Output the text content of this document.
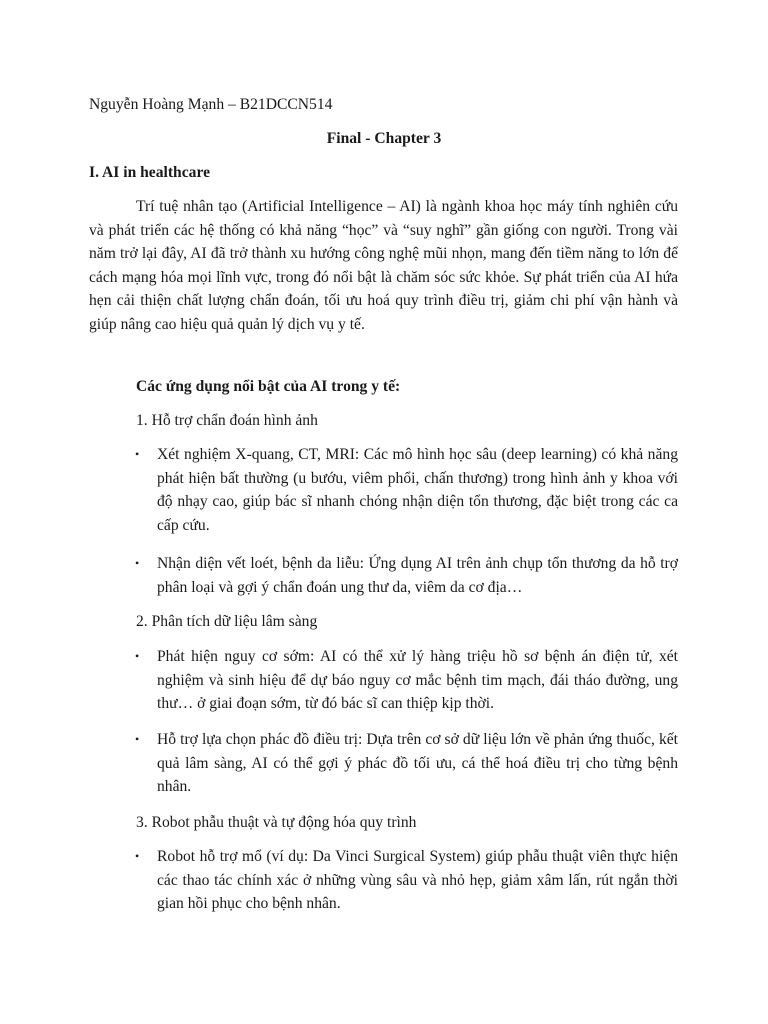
Nguyễn Hoàng Mạnh – B21DCCN514

Final - Chapter 3
I. AI in healthcare

Trí tuệ nhân tạo (Artificial Intelligence – AI) là ngành khoa học máy tính nghiên cứu và phát triển các hệ thống có khả năng “học” và “suy nghĩ” gần giống con người. Trong vài năm trở lại đây, AI đã trở thành xu hướng công nghệ mũi nhọn, mang đến tiềm năng to lớn để cách mạng hóa mọi lĩnh vực, trong đó nổi bật là chăm sóc sức khỏe. Sự phát triển của AI hứa hẹn cải thiện chất lượng chẩn đoán, tối ưu hoá quy trình điều trị, giảm chi phí vận hành và giúp nâng cao hiệu quả quản lý dịch vụ y tế.

Các ứng dụng nổi bật của AI trong y tế:

1. Hỗ trợ chẩn đoán hình ảnh

• Xét nghiệm X-quang, CT, MRI: Các mô hình học sâu (deep learning) có khả năng phát hiện bất thường (u bướu, viêm phổi, chấn thương) trong hình ảnh y khoa với độ nhạy cao, giúp bác sĩ nhanh chóng nhận diện tổn thương, đặc biệt trong các ca cấp cứu.
• Nhận diện vết loét, bệnh da liễu: Ứng dụng AI trên ảnh chụp tổn thương da hỗ trợ phân loại và gợi ý chẩn đoán ung thư da, viêm da cơ địa…

2. Phân tích dữ liệu lâm sàng

• Phát hiện nguy cơ sớm: AI có thể xử lý hàng triệu hồ sơ bệnh án điện tử, xét nghiệm và sinh hiệu để dự báo nguy cơ mắc bệnh tim mạch, đái tháo đường, ung thư… ở giai đoạn sớm, từ đó bác sĩ can thiệp kịp thời.
• Hỗ trợ lựa chọn phác đồ điều trị: Dựa trên cơ sở dữ liệu lớn về phản ứng thuốc, kết quả lâm sàng, AI có thể gợi ý phác đồ tối ưu, cá thể hoá điều trị cho từng bệnh nhân.

3. Robot phẫu thuật và tự động hóa quy trình

• Robot hỗ trợ mổ (ví dụ: Da Vinci Surgical System) giúp phẫu thuật viên thực hiện các thao tác chính xác ở những vùng sâu và nhỏ hẹp, giảm xâm lấn, rút ngắn thời gian hồi phục cho bệnh nhân.
